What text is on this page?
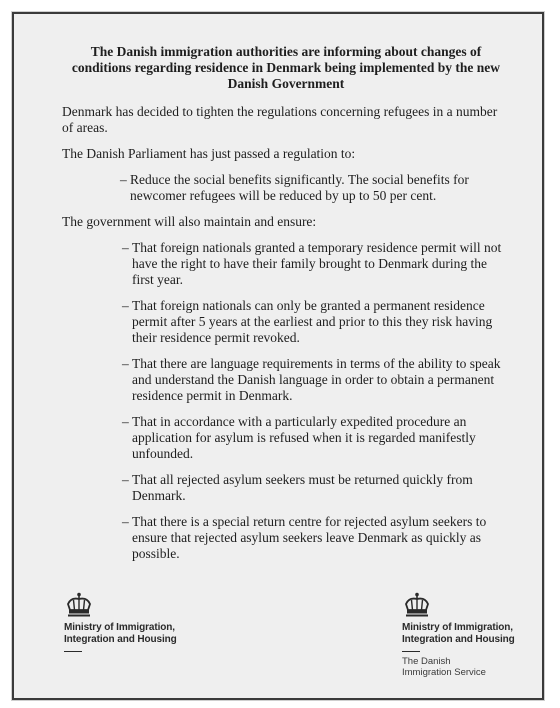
The Danish immigration authorities are informing about changes of conditions regarding residence in Denmark being implemented by the new Danish Government

Denmark has decided to tighten the regulations concerning refugees in a number of areas.

The Danish Parliament has just passed a regulation to:

– Reduce the social benefits significantly. The social benefits for newcomer refugees will be reduced by up to 50 per cent.

The government will also maintain and ensure:

– That foreign nationals granted a temporary residence permit will not have the right to have their family brought to Denmark during the first year.
– That foreign nationals can only be granted a permanent residence permit after 5 years at the earliest and prior to this they risk having their residence permit revoked.
– That there are language requirements in terms of the ability to speak and understand the Danish language in order to obtain a permanent residence permit in Denmark.
– That in accordance with a particularly expedited procedure an application for asylum is refused when it is regarded manifestly unfounded.
– That all rejected asylum seekers must be returned quickly from Denmark.
– That there is a special return centre for rejected asylum seekers to ensure that rejected asylum seekers leave Denmark as quickly as possible.
Ministry of Immigration,
Integration and Housing
Ministry of Immigration,
Integration and Housing
The Danish
Immigration Service
